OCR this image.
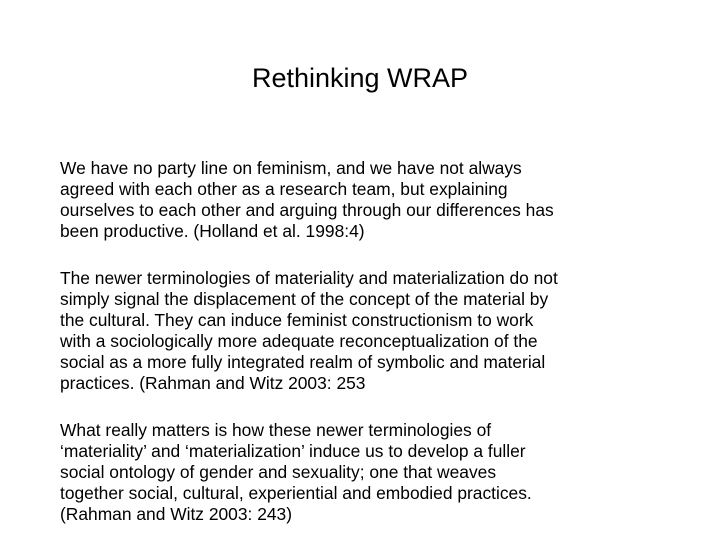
Rethinking WRAP
We have no party line on feminism, and we have not always
agreed with each other as a research team, but explaining
ourselves to each other and arguing through our differences has
been productive. (Holland et al. 1998:4)
The newer terminologies of materiality and materialization do not
simply signal the displacement of the concept of the material by
the cultural. They can induce feminist constructionism to work
with a sociologically more adequate reconceptualization of the
social as a more fully integrated realm of symbolic and material
practices. (Rahman and Witz 2003: 253
What really matters is how these newer terminologies of
‘materiality’ and ‘materialization’ induce us to develop a fuller
social ontology of gender and sexuality; one that weaves
together social, cultural, experiential and embodied practices.
(Rahman and Witz 2003: 243)
